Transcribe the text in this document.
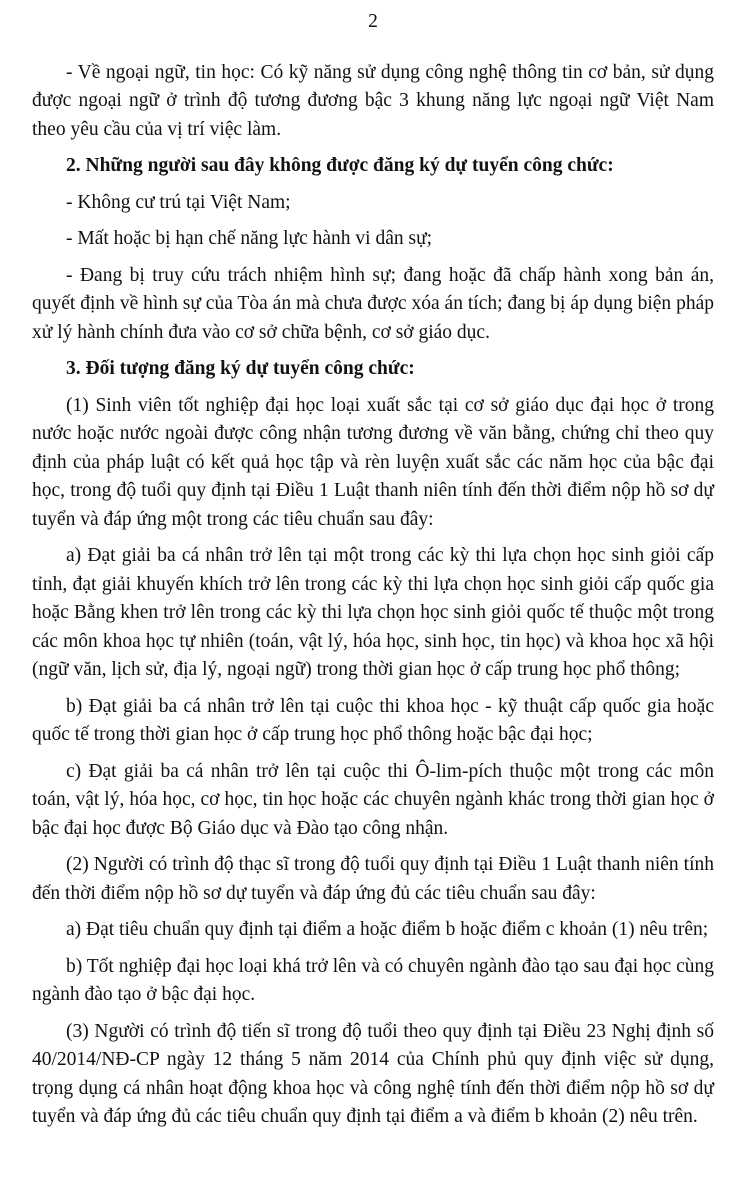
2

- Về ngoại ngữ, tin học: Có kỹ năng sử dụng công nghệ thông tin cơ bản, sử dụng được ngoại ngữ ở trình độ tương đương bậc 3 khung năng lực ngoại ngữ Việt Nam theo yêu cầu của vị trí việc làm.

2. Những người sau đây không được đăng ký dự tuyển công chức:

- Không cư trú tại Việt Nam;

- Mất hoặc bị hạn chế năng lực hành vi dân sự;

- Đang bị truy cứu trách nhiệm hình sự; đang hoặc đã chấp hành xong bản án, quyết định về hình sự của Tòa án mà chưa được xóa án tích; đang bị áp dụng biện pháp xử lý hành chính đưa vào cơ sở chữa bệnh, cơ sở giáo dục.

3. Đối tượng đăng ký dự tuyển công chức:

(1) Sinh viên tốt nghiệp đại học loại xuất sắc tại cơ sở giáo dục đại học ở trong nước hoặc nước ngoài được công nhận tương đương về văn bằng, chứng chỉ theo quy định của pháp luật có kết quả học tập và rèn luyện xuất sắc các năm học của bậc đại học, trong độ tuổi quy định tại Điều 1 Luật thanh niên tính đến thời điểm nộp hồ sơ dự tuyển và đáp ứng một trong các tiêu chuẩn sau đây:

a) Đạt giải ba cá nhân trở lên tại một trong các kỳ thi lựa chọn học sinh giỏi cấp tỉnh, đạt giải khuyến khích trở lên trong các kỳ thi lựa chọn học sinh giỏi cấp quốc gia hoặc Bằng khen trở lên trong các kỳ thi lựa chọn học sinh giỏi quốc tế thuộc một trong các môn khoa học tự nhiên (toán, vật lý, hóa học, sinh học, tin học) và khoa học xã hội (ngữ văn, lịch sử, địa lý, ngoại ngữ) trong thời gian học ở cấp trung học phổ thông;

b) Đạt giải ba cá nhân trở lên tại cuộc thi khoa học - kỹ thuật cấp quốc gia hoặc quốc tế trong thời gian học ở cấp trung học phổ thông hoặc bậc đại học;

c) Đạt giải ba cá nhân trở lên tại cuộc thi Ô-lim-pích thuộc một trong các môn toán, vật lý, hóa học, cơ học, tin học hoặc các chuyên ngành khác trong thời gian học ở bậc đại học được Bộ Giáo dục và Đào tạo công nhận.

(2) Người có trình độ thạc sĩ trong độ tuổi quy định tại Điều 1 Luật thanh niên tính đến thời điểm nộp hồ sơ dự tuyển và đáp ứng đủ các tiêu chuẩn sau đây:

a) Đạt tiêu chuẩn quy định tại điểm a hoặc điểm b hoặc điểm c khoản (1) nêu trên;

b) Tốt nghiệp đại học loại khá trở lên và có chuyên ngành đào tạo sau đại học cùng ngành đào tạo ở bậc đại học.

(3) Người có trình độ tiến sĩ trong độ tuổi theo quy định tại Điều 23 Nghị định số 40/2014/NĐ-CP ngày 12 tháng 5 năm 2014 của Chính phủ quy định việc sử dụng, trọng dụng cá nhân hoạt động khoa học và công nghệ tính đến thời điểm nộp hồ sơ dự tuyển và đáp ứng đủ các tiêu chuẩn quy định tại điểm a và điểm b khoản (2) nêu trên.
